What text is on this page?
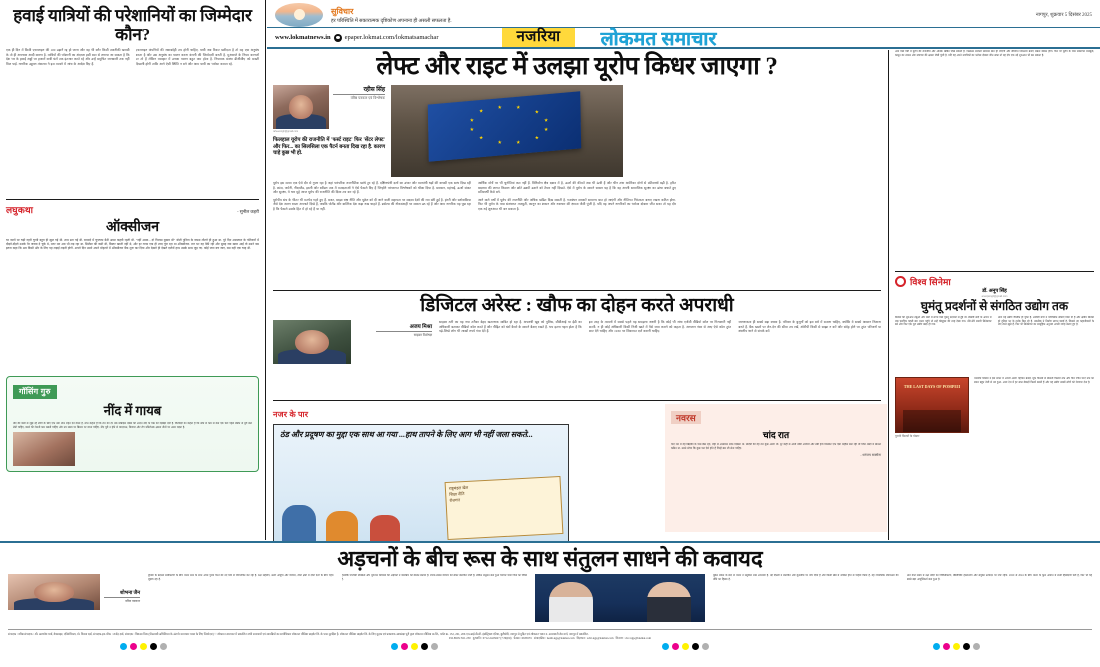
हवाई यात्रियों की परेशानियों का जिम्मेदार कौन?

एक ही दिन में किसी एयरलाइन की 100 उड़ानें रद्द हो जाना और वह भी बगैर किसी तकनीकी खराबी के तो ही अपनाया आदी कारण है. यात्रियों की परेशानी का अंदाजा इसी बात से लगाया जा सकता है कि देश भर के हवाई अड्डों पर हजारों यात्री घंटों तक इंतजार करते रहे और उन्हें समुचित जानकारी तक नहीं मिल पाई. नागरिक उड्डयन मंत्रालय ने इस मामले में जांच के आदेश दिए हैं.

एयरलाइन कंपनियों की जवाबदेही तय होनी चाहिए. यात्री जब टिकट खरीदता है तो वह एक अनुबंध करता है और उस अनुबंध का पालन करना कंपनी की जिम्मेदारी बनती है. मुआवजे के नियम कागजों पर तो हैं लेकिन व्यवहार में उनका पालन बहुत कम होता है. नियामक संस्था डीजीसीए को सख्ती दिखानी होगी ताकि आगे ऐसी स्थिति न बने और आम यात्री का भरोसा कायम रहे.

लघुकथा	- सुनील कहरी
ऑक्सीजन

घर वालों पर चढ़ी गहरी चुप्पी बहुत ही खुल गई थी. शाम ढल गई थी. बरामदे में चुपचाप बैठी अम्मा कहती रहती थी. "नहीं अम्मा... दो गिलास बुखार थी" बोली पुनिता के वापस लौटते ही हुआ था. पूरे दिन अस्पताल के गलियारों में दौड़ते-दौड़ते उसके पैर जवाब दे चुके थे, मगर मन अब भी लड़ रहा था. सिलेंडर की कमी थी, बिस्तर खाली नहीं थे, और हर तरफ एक ही शब्द गूंज रहा था ऑक्सीजन. रात भर वह बैठी रही और सुबह जब खबर आई तो उसने बस इतना कहा कि अब किसी और के लिए यह लड़ाई लड़नी होगी. अगले दिन उसने अपने मोहल्ले में ऑक्सीजन बैंक शुरू कर दिया और देखते ही देखते दर्जनों हाथ उसके साथ जुड़ गए. कोई जान बच जाए, बस यही एक चाह थी.

गॉसिंग गुरु
नींद में गायब

नींद की कमी से जूझ रहे लोगों के लिए एक नया शोध राहत देने वाला है. शोध कहता है कि रात को देर तक मोबाइल देखने की आदत नींद के चक्र को गड़बड़ा देती है. विशेषज्ञों का कहना है कि सोने से कम से कम एक घंटा पहले स्क्रीन से दूरी बना लेनी चाहिए, कमरे की रोशनी कम रखनी चाहिए और तय समय पर बिस्तर पर जाना चाहिए. नींद पूरी न होने से याददाश्त, मिजाज और रोग प्रतिरोधक क्षमता तीनों पर असर पड़ता है.

सुविचार
हर परिस्थिति में सकारात्मक दृष्टिकोण अपनाना ही असली सफलता है.
नागपुर, शुक्रवार 5 दिसंबर 2025
www.lokmatnews.in epaper.lokmat.com/lokmatsamachar	नजरिया	लोकमत समाचार
लेफ्ट और राइट में उलझा यूरोप किधर जाएगा ?
रहीस सिंह
वरिष्ठ पत्रकार एवं विश्लेषक
raheesingh@gmail.com
फिलहाल यूरोप की राजनीति में 'फर्स्ट राइट' फिर 'सेंटर लेफ्ट' और फिर... का सिलसिला एक पैटर्न बनता दिख रहा है. कारण चाहे कुछ भी हो.

यूरोप इस समय एक ऐसे दौर से गुजर रहा है जहां पारंपरिक राजनीतिक खांचे टूट रहे हैं. दक्षिणपंथी दलों का उभार और वामपंथी धड़ों की वापसी एक साथ दिख रही है. फ्रांस, जर्मनी, नीदरलैंड, इटली और स्वीडन तक में मतदाताओं ने ऐसे फैसले दिए हैं जिन्होंने परंपरागत विश्लेषकों को चौंका दिया है. प्रवासन, महंगाई, ऊर्जा संकट और सुरक्षा, ये चार मुद्दे आज यूरोप की राजनीति की दिशा तय कर रहे हैं.

यूरोपीय संघ के भीतर भी मतभेद गहरे हुए हैं. बजट, साझा रक्षा नीति और यूक्रेन को दी जाने वाली सहायता पर सदस्य देशों की राय बंटी हुई है. हंगरी और स्लोवाकिया जैसे देश अलग रास्ता अपनाते दिखे हैं, जबकि पोलैंड और बाल्टिक देश कड़ा रुख चाहते हैं. ब्रसेल्स की नौकरशाही पर सवाल उठ रहे हैं और आम नागरिक यह पूछ रहा है कि फैसले उसके हित में हो रहे हैं या नहीं.

आर्थिक मोर्चे पर भी चुनौतियां कम नहीं हैं. विनिर्माण क्षेत्र दबाव में है, ऊर्जा की कीमतें अब भी ऊंची हैं और चीन तथा अमेरिका दोनों से प्रतिस्पर्धा बढ़ी है. हरित बदलाव की लागत किसान और छोटे उद्यमी उठाने को तैयार नहीं दिखते. ऐसे में यूरोप के सामने सवाल यह है कि वह अपनी सामाजिक सुरक्षा का ढांचा बचाते हुए प्रतिस्पर्धी कैसे बने.

आने वाले वर्षों में यूरोप की राजनीति और अधिक खंडित दिख सकती है. गठबंधन सरकारें सामान्य बात हो जाएंगी और नीतिगत निरंतरता बनाए रखना कठिन होगा. फिर भी यूरोप के पास संस्थागत मजबूती, कानून का शासन और नवाचार की क्षमता जैसी पूंजी है. यदि वह अपने नागरिकों का भरोसा दोबारा जीत सका तो यह दौर एक नई शुरुआत भी बन सकता है.

डिजिटल अरेस्ट : खौफ का दोहन करते अपराधी

अजय मिश्रा
साइबर विशेषज्ञ

साइबर ठगी का यह नया तरीका बेहद खतरनाक साबित हो रहा है. अपराधी खुद को पुलिस, सीबीआई या ईडी का अधिकारी बताकर वीडियो कॉल करते हैं और पीड़ित को घंटों कैमरे के सामने बैठाए रखते हैं. भय इतना गहरा होता है कि पढ़े-लिखे लोग भी लाखों रुपये गंवा देते हैं.

इस तरह के मामलों में सबसे पहले यह समझना जरूरी है कि कोई भी जांच एजेंसी वीडियो कॉल पर गिरफ्तारी नहीं करती. न ही कोई अधिकारी किसी निजी खाते में पैसे जमा कराने को कहता है. अनजान नंबर से आए ऐसे कॉल तुरंत काट देने चाहिए और 1930 पर शिकायत दर्ज करानी चाहिए.

जागरूकता ही सबसे बड़ा बचाव है. परिवार के बुजुर्गों को इस बारे में बताना चाहिए, क्योंकि वे सबसे आसान निशाना बनते हैं. बैंक खातों पर लेन-देन की सीमा तय रखें, ओटीपी किसी से साझा न करें और संदेह होने पर तुरंत परिजनों या स्थानीय थाने से संपर्क करें.

नजर के पार
ठंड और प्रदूषण का मुद्दा एक साथ आ गया ...हाथ तापने के लिए आग भी नहीं जला सकते...
राष्ट्रमंडल खेल
शिक्षा नीति
रोजगार
नवरस
चांद रात

चांद रात में वह खिड़की के पास बैठा रहा, जहां से आसमान साफ दिखता था. सर्दियों की वह रात कुछ अलग थी. दूर कहीं से आती धीमी आवाजें और ठंडी हवा मिलकर एक ऐसा माहौल बना रही थीं जिसे शब्दों में बांधना कठिन था. उसने सोचा कि कुछ पल ऐसे होते हैं जिन्हें बस जी लेना चाहिए.

- धनंजय सक्सेना

आने वाले वर्षों में यूरोप की राजनीति और अधिक खंडित दिख सकती है. गठबंधन सरकारें सामान्य बात हो जाएंगी और नीतिगत निरंतरता बनाए रखना कठिन होगा. फिर भी यूरोप के पास संस्थागत मजबूती, कानून का शासन और नवाचार की क्षमता जैसी पूंजी है. यदि वह अपने नागरिकों का भरोसा दोबारा जीत सका तो यह दौर एक नई शुरुआत भी बन सकता है.

विश्व सिनेमा
डॉ. अनूप सिंह
anoopsingh@gmail.com
घुमंतू प्रदर्शनों से संगठित उद्योग तक

सिनेमा की शुरुआत तंबुओं और मेलों में लगने वाले घुमंतू प्रदर्शनों से हुई थी. बीसवीं सदी के आरंभ में जब चलचित्र पहली बार भारत पहुंचे तो उन्हें कौतूहल की तरह देखा गया. धीरे-धीरे स्थायी सिनेमाघर बने और फिर एक पूरा उद्योग खड़ा हो गया.

आज यह उद्योग वैश्विक हो चुका है. ओटीटी मंचों ने भौगोलिक सीमाएं मिटा दी हैं और क्षेत्रीय सिनेमा को दुनिया भर के दर्शक मिल रहे हैं. तकनीक ने निर्माण लागत घटाई है, जिससे नए कहानीकारों के लिए रास्ते खुले हैं. फिर भी सिनेमाघर का सामूहिक अनुभव अपनी जगह बनाए हुए है.

THE LAST DAYS OF POMPEII
पुरानी फिल्मों के पोस्टर

भारतीय सिनेमा ने इस सफर में अपनी अलग पहचान बनाई. मूक फिल्मों से बोलती फिल्मों तक और फिर रंगीन परदे तक का सफर बहुत तेजी से तय हुआ. आज देश में हर साल सैकड़ों फिल्में बनती हैं और यह उद्योग लाखों लोगों को रोजगार देता है.

अड़चनों के बीच रूस के साथ संतुलन साधने की कवायद
शोभना जैन
वरिष्ठ पत्रकार

दुनिया के बदलते समीकरणों के बीच भारत रूस के साथ अपने पुराने रिश्ते को नए सिरे से परिभाषित कर रहा है. रक्षा सहयोग, ऊर्जा आपूर्ति और व्यापार, तीनों क्षेत्रों में दोनों देशों के बीच गहरा जुड़ाव रहा है.

हालांकि पश्चिमी प्रतिबंधों और भुगतान व्यवस्था की अड़चनों ने कारोबार को कठिन बनाया है. रुपया-रूबल व्यापार को लेकर बातचीत जारी है, लेकिन संतुलन बना हुआ व्यापार घाटा चिंता का विषय है.

यूक्रेन संकट के बाद से भारत ने संतुलित रुख अपनाया है. नई दिल्ली ने बातचीत और कूटनीति पर जोर दिया है और किसी खेमे में शामिल होने से परहेज किया है. यह रणनीतिक स्वायत्तता की नीति का हिस्सा है.

आने वाले समय में रक्षा सौदों का विविधीकरण, प्रौद्योगिकी हस्तांतरण और संयुक्त उत्पादन पर जोर रहेगा. 2020 से 2024 के बीच भारत के कुल आयात में रूसी हिस्सेदारी घटी है, फिर भी वह सबसे बड़ा आपूर्तिकर्ता बना हुआ है.

संपादक : वरिष्ठ संपादक : श्री. अश्वमेघ वर्मा, वेबसाइट, एडिटोरियल, मो. विजय दर्डा, संपादक-इन-चीफ : राजेंद्र दर्डा, संपादक : विकास मिश्र (पीआरबी अधिनियम के अंतर्गत समाचार चयन के लिए जिम्मेदार) © लोकमत समाचार में प्रकाशित सभी समाचारों एवं सामग्रियों का सर्वाधिकार लोकमत मीडिया प्राइवेट लि. के पास सुरक्षित है. लोकमत मीडिया प्राइवेट लि. के लिए मुद्रक एवं प्रकाशक आकांक्षा पूरी द्वारा लोकमत मीडिया प्रा.लि., प्लॉट क्र. 152, 201, 206 एम.आई.डी.सी. इंडस्ट्रियल एरिया, बुटीबोरी, नागपुर से मुद्रित एवं लोकमत भवन न. अमरावती रोड मार्ग, नागपुर में प्रकाशित.
P.O.BOX NO. 230 दूरध्वनि : 0712-2423627 (7 लाइन्स) फैक्स : 6636555 संपादकीय : lsedit.ngp@lokmat.com विज्ञापन : advt.ngp@lokmat.com वितरण : circ.ngp@lokmat.com
